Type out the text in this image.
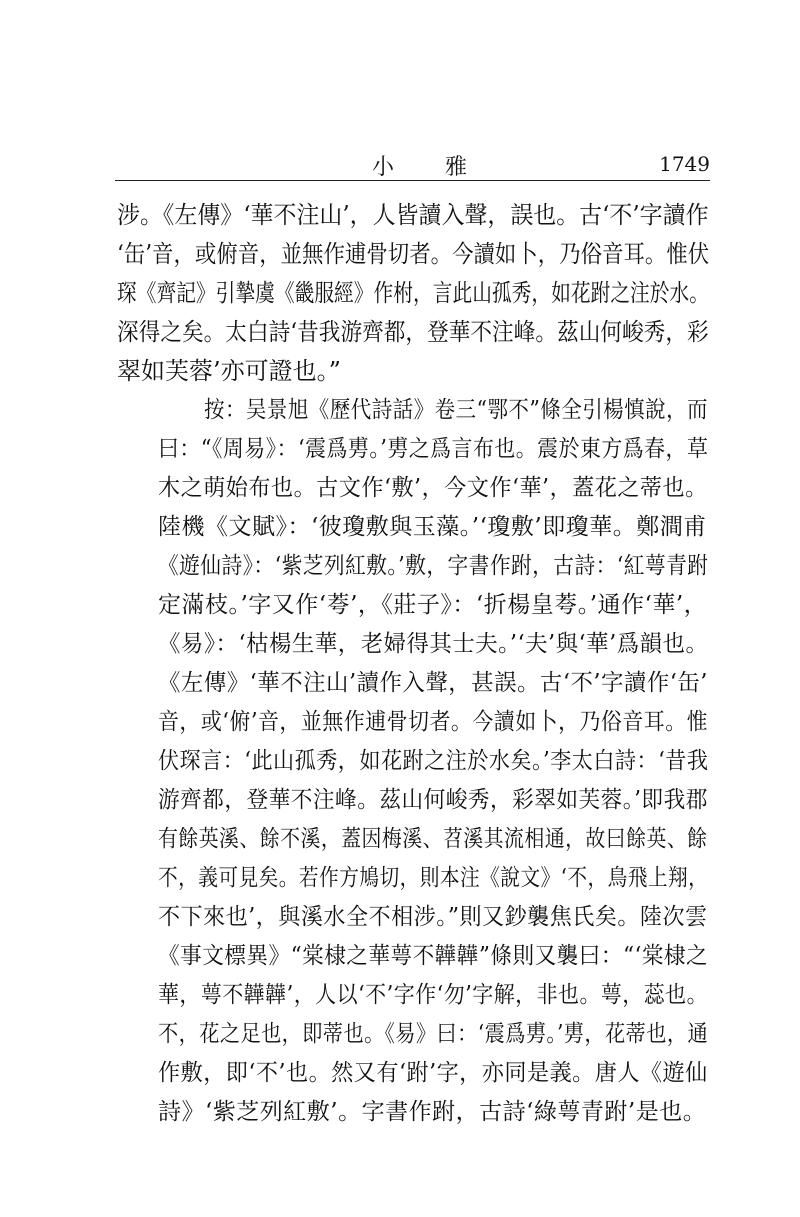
小 雅	1749
涉。《左傳》‘華不注山’，人皆讀入聲，誤也。古‘不’字讀作
‘缶’音，或俯音，並無作逋骨切者。今讀如卜，乃俗音耳。惟伏
琛《齊記》引摯虞《畿服經》作柎，言此山孤秀，如花跗之注於水。
深得之矣。太白詩‘昔我游齊都，登華不注峰。茲山何峻秀，彩
翠如芙蓉’亦可證也。”
按：吴景旭《歷代詩話》卷三“鄂不”條全引楊慎說，而
曰：“《周易》：‘震爲旉。’旉之爲言布也。震於東方爲春，草
木之萌始布也。古文作‘敷’，今文作‘華’，蓋花之蒂也。
陸機《文賦》：‘彼瓊敷與玉藻。’‘瓊敷’即瓊華。鄭澗甫
《遊仙詩》：‘紫芝列紅敷。’敷，字書作跗，古詩：‘紅萼青跗
定滿枝。’字又作‘荂’，《莊子》：‘折楊皇荂。’通作‘華’，
《易》：‘枯楊生華，老婦得其士夫。’‘夫’與‘華’爲韻也。
《左傳》‘華不注山’讀作入聲，甚誤。古‘不’字讀作‘缶’
音，或‘俯’音，並無作逋骨切者。今讀如卜，乃俗音耳。惟
伏琛言：‘此山孤秀，如花跗之注於水矣。’李太白詩：‘昔我
游齊都，登華不注峰。茲山何峻秀，彩翠如芙蓉。’即我郡
有餘英溪、餘不溪，蓋因梅溪、苕溪其流相通，故曰餘英、餘
不，義可見矣。若作方鳩切，則本注《說文》‘不，鳥飛上翔，
不下來也’，與溪水全不相涉。”則又鈔襲焦氏矣。陸次雲
《事文標異》“棠棣之華萼不韡韡”條則又襲曰：“‘棠棣之
華，萼不韡韡’，人以‘不’字作‘勿’字解，非也。萼，蕊也。
不，花之足也，即蒂也。《易》曰：‘震爲旉。’旉，花蒂也，通
作敷，即‘不’也。然又有‘跗’字，亦同是義。唐人《遊仙
詩》‘紫芝列紅敷’。字書作跗，古詩‘綠萼青跗’是也。
